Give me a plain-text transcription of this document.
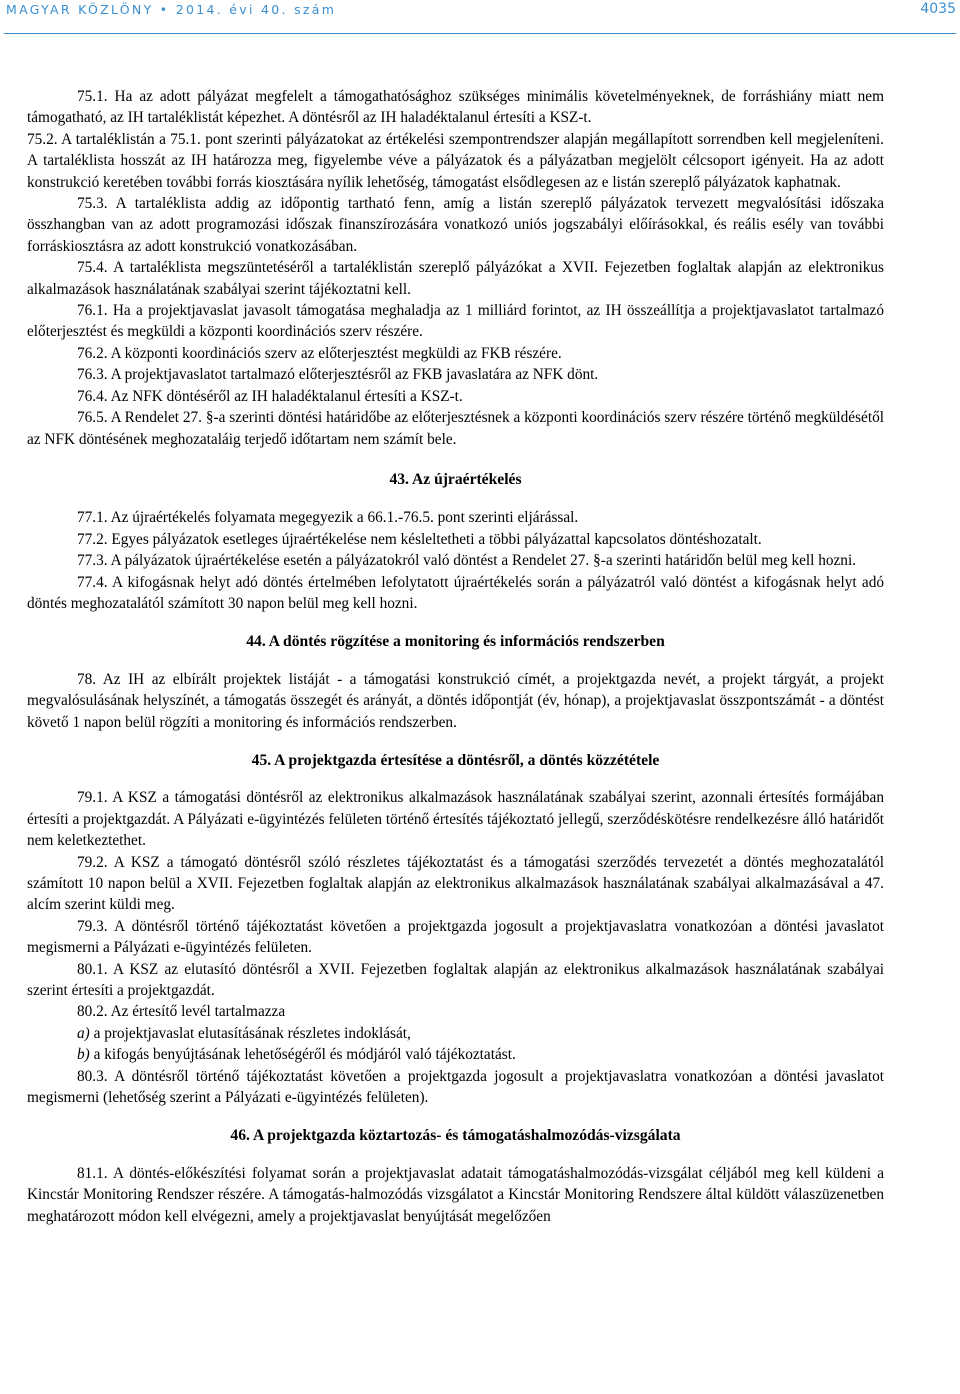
MAGYAR KÖZLÖNY • 2014. évi 40. szám	4035

75.1. Ha az adott pályázat megfelelt a támogathatósághoz szükséges minimális követelményeknek, de forráshiány miatt nem támogatható, az IH tartaléklistát képezhet. A döntésről az IH haladéktalanul értesíti a KSZ-t.

75.2. A tartaléklistán a 75.1. pont szerinti pályázatokat az értékelési szempontrendszer alapján megállapított sorrendben kell megjeleníteni. A tartaléklista hosszát az IH határozza meg, figyelembe véve a pályázatok és a pályázatban megjelölt célcsoport igényeit. Ha az adott konstrukció keretében további forrás kiosztására nyílik lehetőség, támogatást elsődlegesen az e listán szereplő pályázatok kaphatnak.

75.3. A tartaléklista addig az időpontig tartható fenn, amíg a listán szereplő pályázatok tervezett megvalósítási időszaka összhangban van az adott programozási időszak finanszírozására vonatkozó uniós jogszabályi előírásokkal, és reális esély van további forráskiosztásra az adott konstrukció vonatkozásában.

75.4. A tartaléklista megszüntetéséről a tartaléklistán szereplő pályázókat a XVII. Fejezetben foglaltak alapján az elektronikus alkalmazások használatának szabályai szerint tájékoztatni kell.

76.1. Ha a projektjavaslat javasolt támogatása meghaladja az 1 milliárd forintot, az IH összeállítja a projektjavaslatot tartalmazó előterjesztést és megküldi a központi koordinációs szerv részére.

76.2. A központi koordinációs szerv az előterjesztést megküldi az FKB részére.

76.3. A projektjavaslatot tartalmazó előterjesztésről az FKB javaslatára az NFK dönt.

76.4. Az NFK döntéséről az IH haladéktalanul értesíti a KSZ-t.

76.5. A Rendelet 27. §-a szerinti döntési határidőbe az előterjesztésnek a központi koordinációs szerv részére történő megküldésétől az NFK döntésének meghozataláig terjedő időtartam nem számít bele.

43. Az újraértékelés

77.1. Az újraértékelés folyamata megegyezik a 66.1.-76.5. pont szerinti eljárással.

77.2. Egyes pályázatok esetleges újraértékelése nem késleltetheti a többi pályázattal kapcsolatos döntéshozatalt.

77.3. A pályázatok újraértékelése esetén a pályázatokról való döntést a Rendelet 27. §-a szerinti határidőn belül meg kell hozni.

77.4. A kifogásnak helyt adó döntés értelmében lefolytatott újraértékelés során a pályázatról való döntést a kifogásnak helyt adó döntés meghozatalától számított 30 napon belül meg kell hozni.

44. A döntés rögzítése a monitoring és információs rendszerben

78. Az IH az elbírált projektek listáját - a támogatási konstrukció címét, a projektgazda nevét, a projekt tárgyát, a projekt megvalósulásának helyszínét, a támogatás összegét és arányát, a döntés időpontját (év, hónap), a projektjavaslat összpontszámát - a döntést követő 1 napon belül rögzíti a monitoring és információs rendszerben.

45. A projektgazda értesítése a döntésről, a döntés közzététele

79.1. A KSZ a támogatási döntésről az elektronikus alkalmazások használatának szabályai szerint, azonnali értesítés formájában értesíti a projektgazdát. A Pályázati e-ügyintézés felületen történő értesítés tájékoztató jellegű, szerződéskötésre rendelkezésre álló határidőt nem keletkeztethet.

79.2. A KSZ a támogató döntésről szóló részletes tájékoztatást és a támogatási szerződés tervezetét a döntés meghozatalától számított 10 napon belül a XVII. Fejezetben foglaltak alapján az elektronikus alkalmazások használatának szabályai alkalmazásával a 47. alcím szerint küldi meg.

79.3. A döntésről történő tájékoztatást követően a projektgazda jogosult a projektjavaslatra vonatkozóan a döntési javaslatot megismerni a Pályázati e-ügyintézés felületen.

80.1. A KSZ az elutasító döntésről a XVII. Fejezetben foglaltak alapján az elektronikus alkalmazások használatának szabályai szerint értesíti a projektgazdát.

80.2. Az értesítő levél tartalmazza

a) a projektjavaslat elutasításának részletes indoklását,

b) a kifogás benyújtásának lehetőségéről és módjáról való tájékoztatást.

80.3. A döntésről történő tájékoztatást követően a projektgazda jogosult a projektjavaslatra vonatkozóan a döntési javaslatot megismerni (lehetőség szerint a Pályázati e-ügyintézés felületen).

46. A projektgazda köztartozás- és támogatáshalmozódás-vizsgálata

81.1. A döntés-előkészítési folyamat során a projektjavaslat adatait támogatáshalmozódás-vizsgálat céljából meg kell küldeni a Kincstár Monitoring Rendszer részére. A támogatás-halmozódás vizsgálatot a Kincstár Monitoring Rendszere által küldött válaszüzenetben meghatározott módon kell elvégezni, amely a projektjavaslat benyújtását megelőzően
